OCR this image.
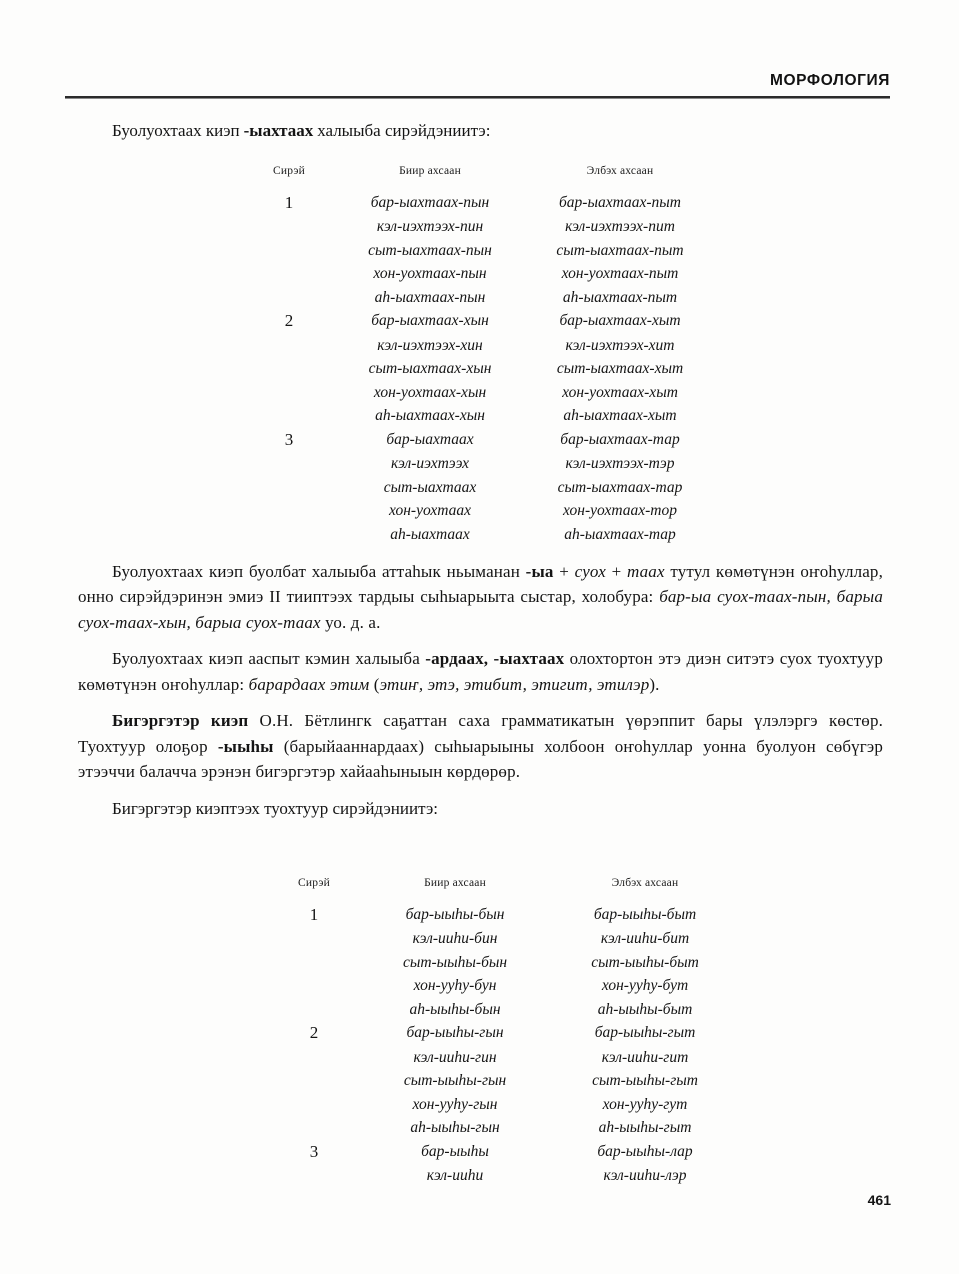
МОРФОЛОГИЯ

Буолуохтаах киэп -ыахтаах халыыба сирэйдэниитэ:

Буолуохтаах киэп буолбат халыыба аттаһык ньыманан -ыа + суох + таах тутул көмөтүнэн оҥоһуллар, онно сирэйдэринэн эмиэ II тииптээх тардыы сыһыарыыта сыстар, холобура: бар-ыа суох-таах-пын, барыа суох-таах-хын, барыа суох-таах уо. д. а.

Буолуохтаах киэп ааспыт кэмин халыыба -ардаах, -ыахтаах олохтортон этэ диэн ситэтэ суох туохтуур көмөтүнэн оҥоһуллар: барардаах этим (этиҥ, этэ, этибит, этигит, этилэр).

Бигэргэтэр киэп О.Н. Бётлингк саҕаттан саха грамматикатын үөрэппит бары үлэлэргэ көстөр. Туохтуур олоҕор -ыыһы (барыйааннардаах) сыһыарыыны холбоон оҥоһуллар уонна буолуон сөбүгэр этээччи балачча эрэнэн бигэргэтэр хайааһыныын көрдөрөр.

Бигэргэтэр киэптээх туохтуур сирэйдэниитэ:

Сирэй	Биир ахсаан	Элбэх ахсаан
1	бар-ыахтаах-пын	бар-ыахтаах-пыт
	кэл-иэхтээх-пин	кэл-иэхтээх-пит
	сыт-ыахтаах-пын	сыт-ыахтаах-пыт
	хон-уохтаах-пын	хон-уохтаах-пыт
	аһ-ыахтаах-пын	аһ-ыахтаах-пыт
2	бар-ыахтаах-хын	бар-ыахтаах-хыт
	кэл-иэхтээх-хин	кэл-иэхтээх-хит
	сыт-ыахтаах-хын	сыт-ыахтаах-хыт
	хон-уохтаах-хын	хон-уохтаах-хыт
	аһ-ыахтаах-хын	аһ-ыахтаах-хыт
3	бар-ыахтаах	бар-ыахтаах-тар
	кэл-иэхтээх	кэл-иэхтээх-тэр
	сыт-ыахтаах	сыт-ыахтаах-тар
	хон-уохтаах	хон-уохтаах-тор
	аһ-ыахтаах	аһ-ыахтаах-тар
Сирэй	Биир ахсаан	Элбэх ахсаан
1	бар-ыыһы-бын	бар-ыыһы-быт
	кэл-ииһи-бин	кэл-ииһи-бит
	сыт-ыыһы-бын	сыт-ыыһы-быт
	хон-ууһу-бун	хон-ууһу-бут
	аһ-ыыһы-бын	аһ-ыыһы-быт
2	бар-ыыһы-гын	бар-ыыһы-гыт
	кэл-ииһи-гин	кэл-ииһи-гит
	сыт-ыыһы-гын	сыт-ыыһы-гыт
	хон-ууһу-гын	хон-ууһу-гут
	аһ-ыыһы-гын	аһ-ыыһы-гыт
3	бар-ыыһы	бар-ыыһы-лар
	кэл-ииһи	кэл-ииһи-лэр
461
